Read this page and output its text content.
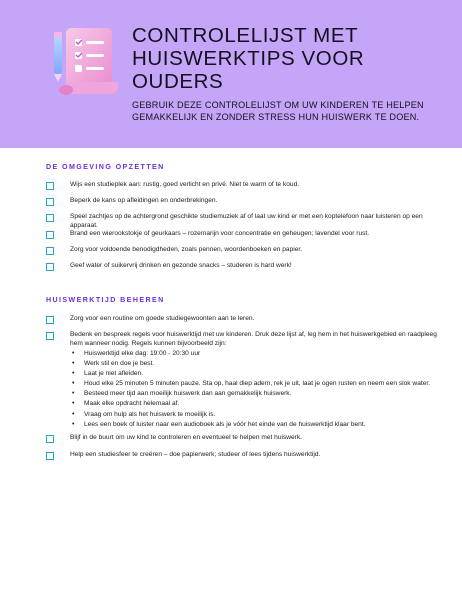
CONTROLELIJST MET HUISWERKTIPS VOOR OUDERS

GEBRUIK DEZE CONTROLELIJST OM UW KINDEREN TE HELPEN GEMAKKELIJK EN ZONDER STRESS HUN HUISWERK TE DOEN.

DE OMGEVING OPZETTEN
Wijs een studieplek aan: rustig, goed verlicht en privé. Niet te warm of te koud.
Beperk de kans op afleidingen en onderbrekingen.
Speel zachtjes op de achtergrond geschikte studiemuziek af of laat uw kind er met een koptelefoon naar luisteren op een apparaat.
Brand een wierookstokje of geurkaars – rozemarijn voor concentratie en geheugen; lavendel voor rust.
Zorg voor voldoende benodigdheden, zoals pennen, woordenboeken en papier.
Geef water of suikervrij drinken en gezonde snacks – studeren is hard werk!
HUISWERKTIJD BEHEREN
Zorg voor een routine om goede studiegewoonten aan te leren.
Bedenk en bespreek regels voor huiswerktijd met uw kinderen. Druk deze lijst af, leg hem in het huiswerkgebied en raadpleeg hem wanneer nodig. Regels kunnen bijvoorbeeld zijn:
• Huiswerktijd elke dag: 19:00 - 20:30 uur
• Werk stil en doe je best.
• Laat je niet afleiden.
• Houd elke 25 minuten 5 minuten pauze. Sta op, haal diep adem, rek je uit, laat je ogen rusten en neem een slok water.
• Besteed meer tijd aan moeilijk huiswerk dan aan gemakkelijk huiswerk.
• Maak elke opdracht helemaal af.
• Vraag om hulp als het huiswerk te moeilijk is.
• Lees een boek of luister naar een audioboek als je vóór het einde van de huiswerktijd klaar bent.
Blijf in de buurt om uw kind te controleren en eventueel te helpen met huiswerk.
Help een studiesfeer te creëren – doe papierwerk; studeer of lees tijdens huiswerktijd.
